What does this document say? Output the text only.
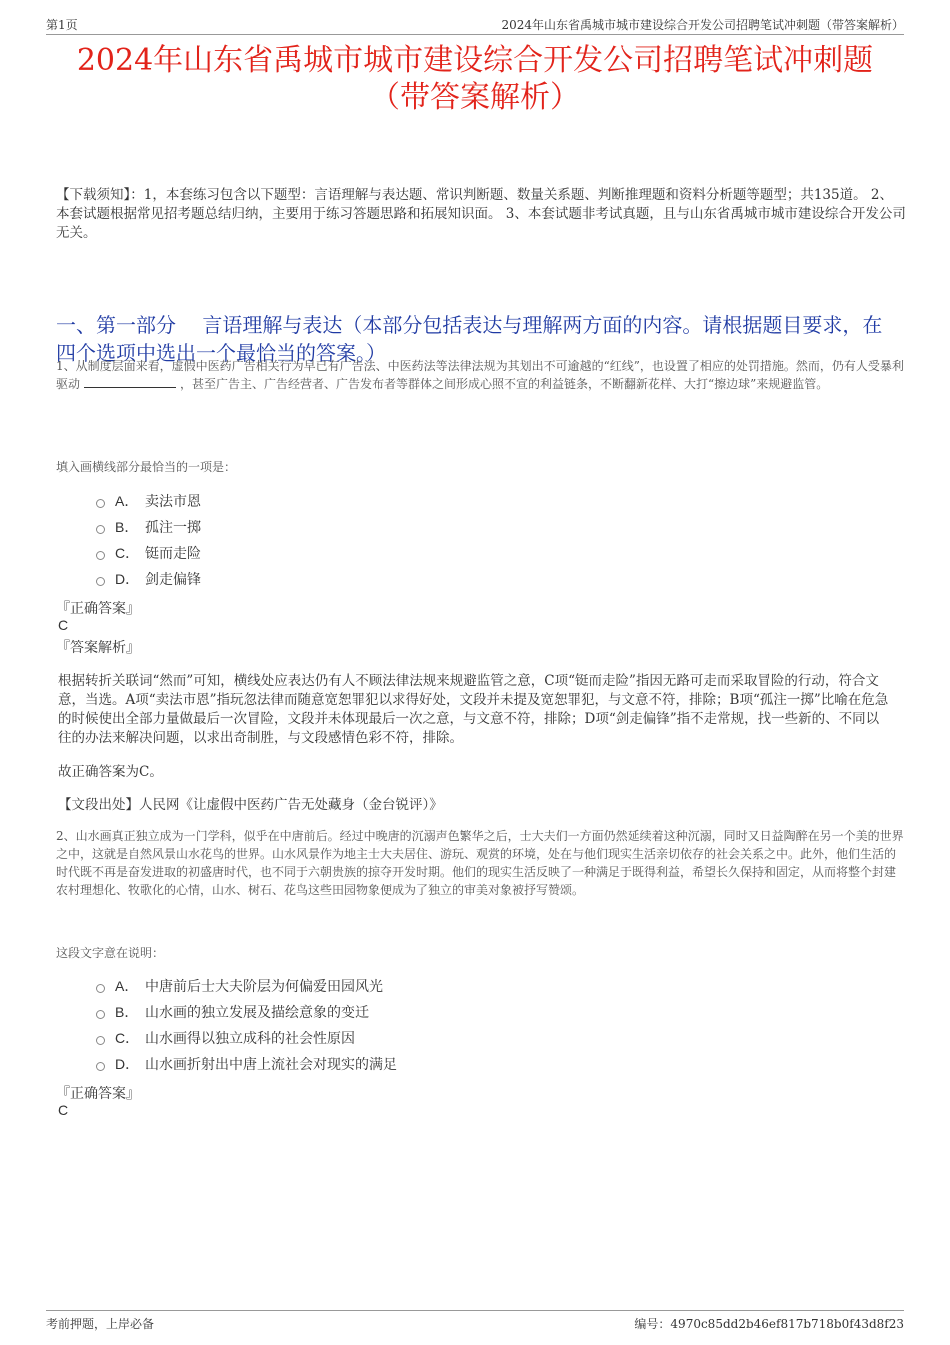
第1页	2024年山东省禹城市城市建设综合开发公司招聘笔试冲刺题（带答案解析）
2024年山东省禹城市城市建设综合开发公司招聘笔试冲刺题
（带答案解析）
【下载须知】：1，本套练习包含以下题型：言语理解与表达题、常识判断题、数量关系题、判断推理题和资料分析题等题型；共135道。 2、本套试题根据常见招考题总结归纳，主要用于练习答题思路和拓展知识面。 3、本套试题非考试真题，且与山东省禹城市城市建设综合开发公司无关。
一、第一部分　 言语理解与表达（本部分包括表达与理解两方面的内容。请根据题目要求，在四个选项中选出一个最恰当的答案。）
1、从制度层面来看，虚假中医药广告相关行为早已有广告法、中医药法等法律法规为其划出不可逾越的“红线”，也设置了相应的处罚措施。然而，仍有人受暴利驱动	，甚至广告主、广告经营者、广告发布者等群体之间形成心照不宣的利益链条，不断翻新花样、大打“擦边球”来规避监管。
填入画横线部分最恰当的一项是：
A． 卖法市恩
B． 孤注一掷
C． 铤而走险
D． 剑走偏锋
『正确答案』
C
『答案解析』
根据转折关联词“然而”可知，横线处应表达仍有人不顾法律法规来规避监管之意，C项“铤而走险”指因无路可走而采取冒险的行动，符合文意，当选。A项“卖法市恩”指玩忽法律而随意宽恕罪犯以求得好处，文段并未提及宽恕罪犯，与文意不符，排除；B项“孤注一掷”比喻在危急的时候使出全部力量做最后一次冒险，文段并未体现最后一次之意，与文意不符，排除；D项“剑走偏锋”指不走常规，找一些新的、不同以往的办法来解决问题，以求出奇制胜，与文段感情色彩不符，排除。
故正确答案为C。
【文段出处】人民网《让虚假中医药广告无处藏身（金台锐评）》
2、山水画真正独立成为一门学科，似乎在中唐前后。经过中晚唐的沉溺声色繁华之后，士大夫们一方面仍然延续着这种沉溺，同时又日益陶醉在另一个美的世界之中，这就是自然风景山水花鸟的世界。山水风景作为地主士大夫居住、游玩、观赏的环境，处在与他们现实生活亲切依存的社会关系之中。此外，他们生活的时代既不再是奋发进取的初盛唐时代，也不同于六朝贵族的掠夺开发时期。他们的现实生活反映了一种满足于既得利益，希望长久保持和固定，从而将整个封建农村理想化、牧歌化的心情，山水、树石、花鸟这些田园物象便成为了独立的审美对象被抒写赞颂。
这段文字意在说明：
A． 中唐前后士大夫阶层为何偏爱田园风光
B． 山水画的独立发展及描绘意象的变迁
C． 山水画得以独立成科的社会性原因
D． 山水画折射出中唐上流社会对现实的满足
『正确答案』
C
考前押题，上岸必备	编号：4970c85dd2b46ef817b718b0f43d8f23
